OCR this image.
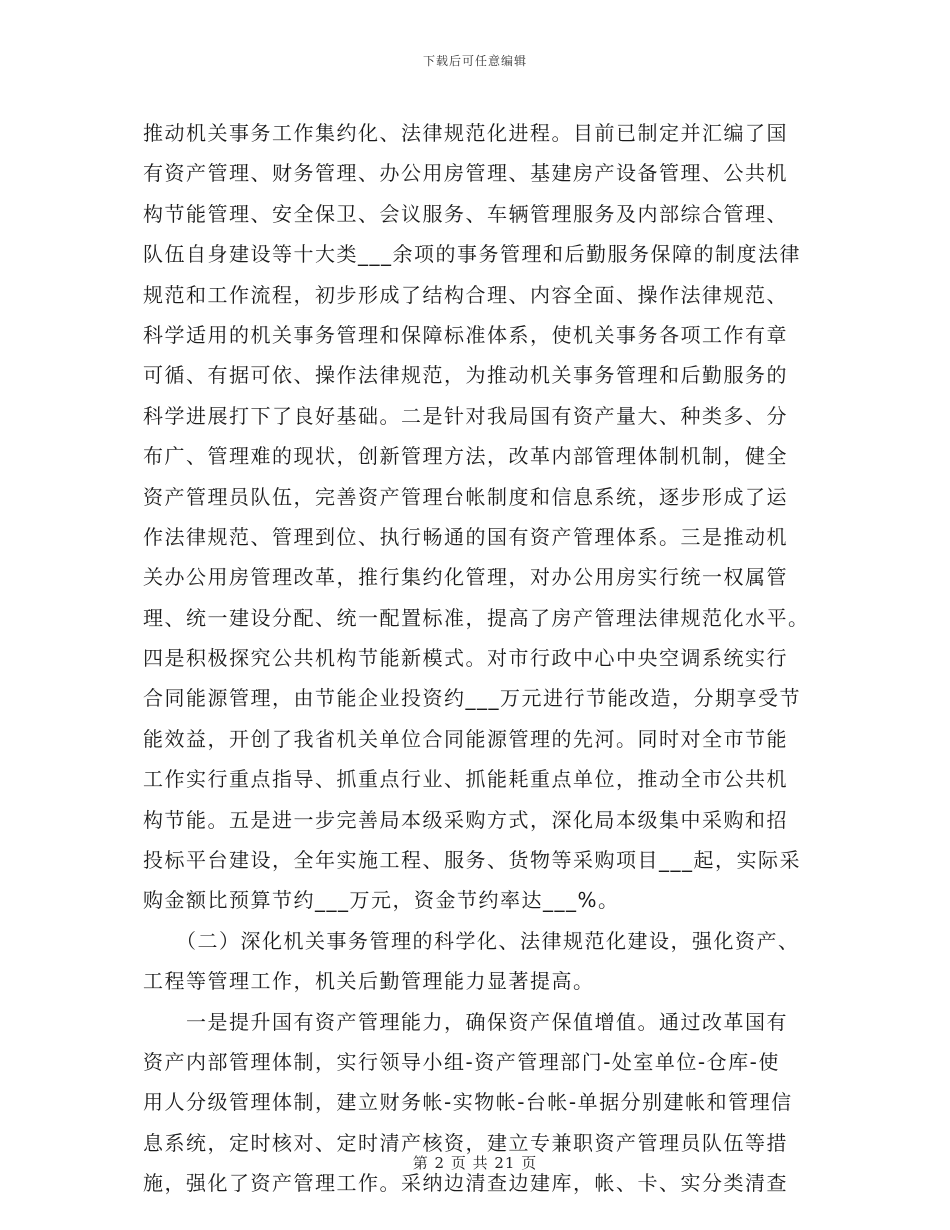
下载后可任意编辑
推动机关事务工作集约化、法律规范化进程。目前已制定并汇编了国
有资产管理、财务管理、办公用房管理、基建房产设备管理、公共机
构节能管理、安全保卫、会议服务、车辆管理服务及内部综合管理、
队伍自身建设等十大类___余项的事务管理和后勤服务保障的制度法律
规范和工作流程，初步形成了结构合理、内容全面、操作法律规范、
科学适用的机关事务管理和保障标准体系，使机关事务各项工作有章
可循、有据可依、操作法律规范，为推动机关事务管理和后勤服务的
科学进展打下了良好基础。二是针对我局国有资产量大、种类多、分
布广、管理难的现状，创新管理方法，改革内部管理体制机制，健全
资产管理员队伍，完善资产管理台帐制度和信息系统，逐步形成了运
作法律规范、管理到位、执行畅通的国有资产管理体系。三是推动机
关办公用房管理改革，推行集约化管理，对办公用房实行统一权属管
理、统一建设分配、统一配置标准，提高了房产管理法律规范化水平。
四是积极探究公共机构节能新模式。对市行政中心中央空调系统实行
合同能源管理，由节能企业投资约___万元进行节能改造，分期享受节
能效益，开创了我省机关单位合同能源管理的先河。同时对全市节能
工作实行重点指导、抓重点行业、抓能耗重点单位，推动全市公共机
构节能。五是进一步完善局本级采购方式，深化局本级集中采购和招
投标平台建设，全年实施工程、服务、货物等采购项目___起，实际采
购金额比预算节约___万元，资金节约率达___%。
　　（二）深化机关事务管理的科学化、法律规范化建设，强化资产、
工程等管理工作，机关后勤管理能力显著提高。
　　一是提升国有资产管理能力，确保资产保值增值。通过改革国有
资产内部管理体制，实行领导小组-资产管理部门-处室单位-仓库-使
用人分级管理体制，建立财务帐-实物帐-台帐-单据分别建帐和管理信
息系统，定时核对、定时清产核资，建立专兼职资产管理员队伍等措
施，强化了资产管理工作。采纳边清查边建库，帐、卡、实分类清查
第 2 页 共 21 页
